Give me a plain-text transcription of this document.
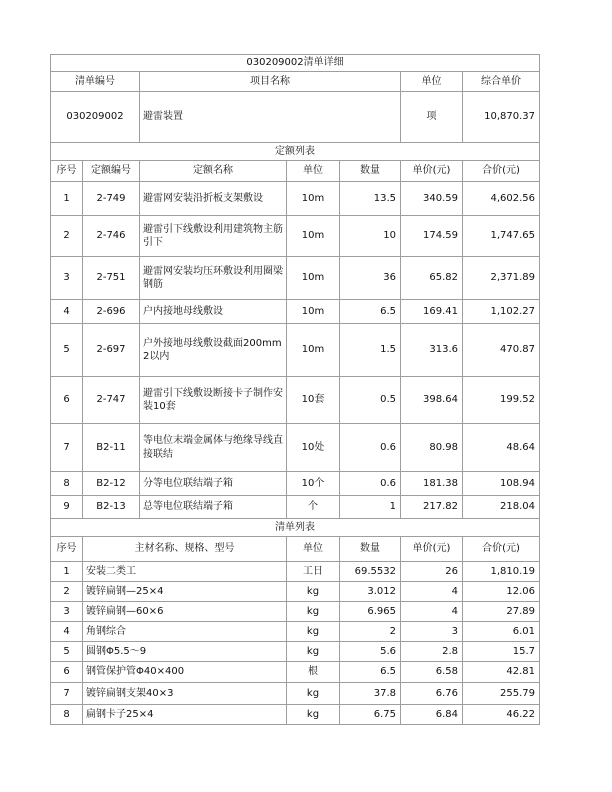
030209002清单详细						
清单编号		项目名称			单位	综合单价
030209002		避雷装置			项	10,870.37
定额列表						
序号	定额编号	定额名称	单位	数量	单价(元)	合价(元)
1	2-749	避雷网安装沿折板支架敷设	10m	13.5	340.59	4,602.56
2	2-746	避雷引下线敷设利用建筑物主筋引下	10m	10	174.59	1,747.65
3	2-751	避雷网安装均压环敷设利用圈梁钢筋	10m	36	65.82	2,371.89
4	2-696	户内接地母线敷设	10m	6.5	169.41	1,102.27
5	2-697	户外接地母线敷设截面200mm2以内	10m	1.5	313.6	470.87
6	2-747	避雷引下线敷设断接卡子制作安装10套	10套	0.5	398.64	199.52
7	B2-11	等电位末端金属体与绝缘导线直接联结	10处	0.6	80.98	48.64
8	B2-12	分等电位联结端子箱	10个	0.6	181.38	108.94
9	B2-13	总等电位联结端子箱	个	1	217.82	218.04
清单列表						
序号	主材名称、规格、型号		单位	数量	单价(元)	合价(元)
1	安装二类工		工日	69.5532	26	1,810.19
2	镀锌扁钢—25×4		kg	3.012	4	12.06
3	镀锌扁钢—60×6		kg	6.965	4	27.89
4	角钢综合		kg	2	3	6.01
5	圆钢Φ5.5～9		kg	5.6	2.8	15.7
6	钢管保护管Φ40×400		根	6.5	6.58	42.81
7	镀锌扁钢支架40×3		kg	37.8	6.76	255.79
8	扁钢卡子25×4		kg	6.75	6.84	46.22
